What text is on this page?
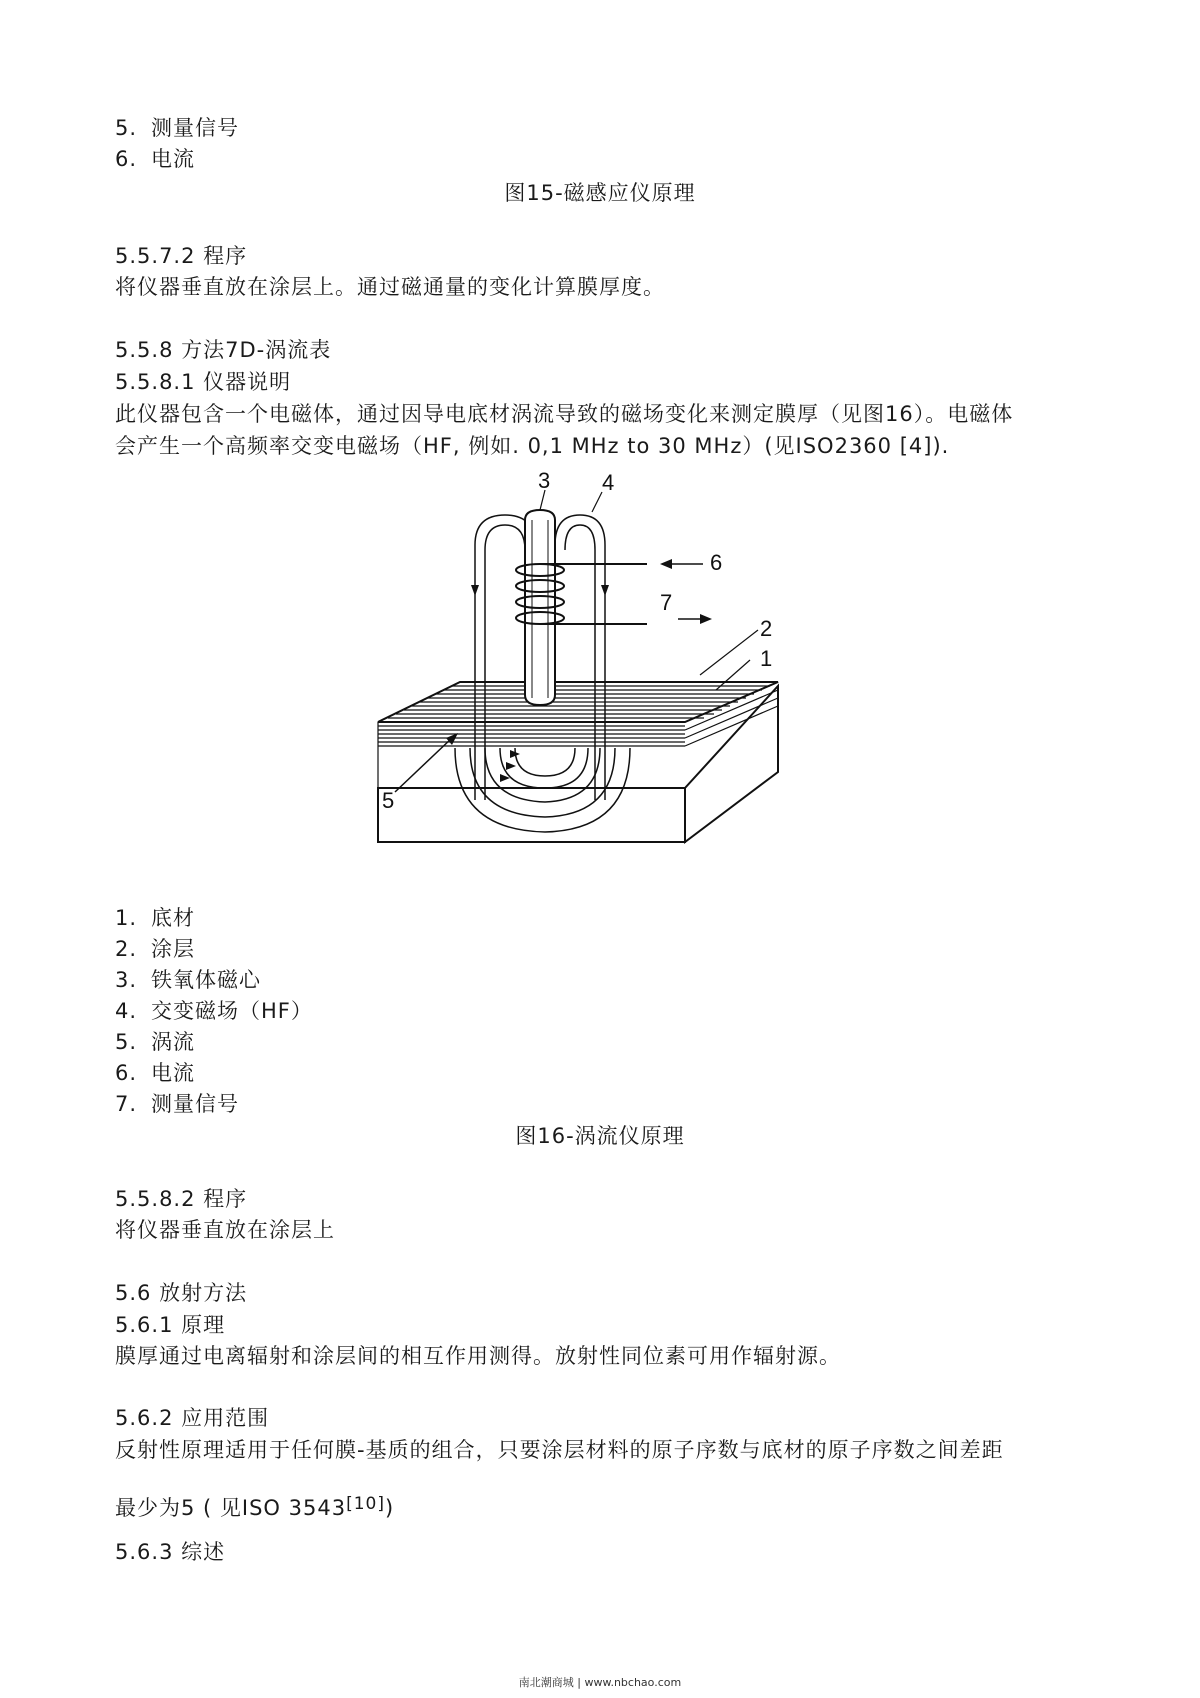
5. 测量信号
6. 电流
图15-磁感应仪原理
5.5.7.2 程序
将仪器垂直放在涂层上。通过磁通量的变化计算膜厚度。
5.5.8 方法7D-涡流表
5.5.8.1 仪器说明
此仪器包含一个电磁体，通过因导电底材涡流导致的磁场变化来测定膜厚（见图16）。电磁体
会产生一个高频率交变电磁场（HF, 例如. 0,1 MHz to 30 MHz）(见ISO2360 [4]).
3 4
6
7
2
1
5
1. 底材
2. 涂层
3. 铁氧体磁心
4. 交变磁场（HF）
5. 涡流
6. 电流
7. 测量信号
图16-涡流仪原理
5.5.8.2 程序
将仪器垂直放在涂层上
5.6 放射方法
5.6.1 原理
膜厚通过电离辐射和涂层间的相互作用测得。放射性同位素可用作辐射源。
5.6.2 应用范围
反射性原理适用于任何膜-基质的组合，只要涂层材料的原子序数与底材的原子序数之间差距
最少为5 ( 见ISO 3543[10])
5.6.3 综述
南北潮商城 | www.nbchao.com
